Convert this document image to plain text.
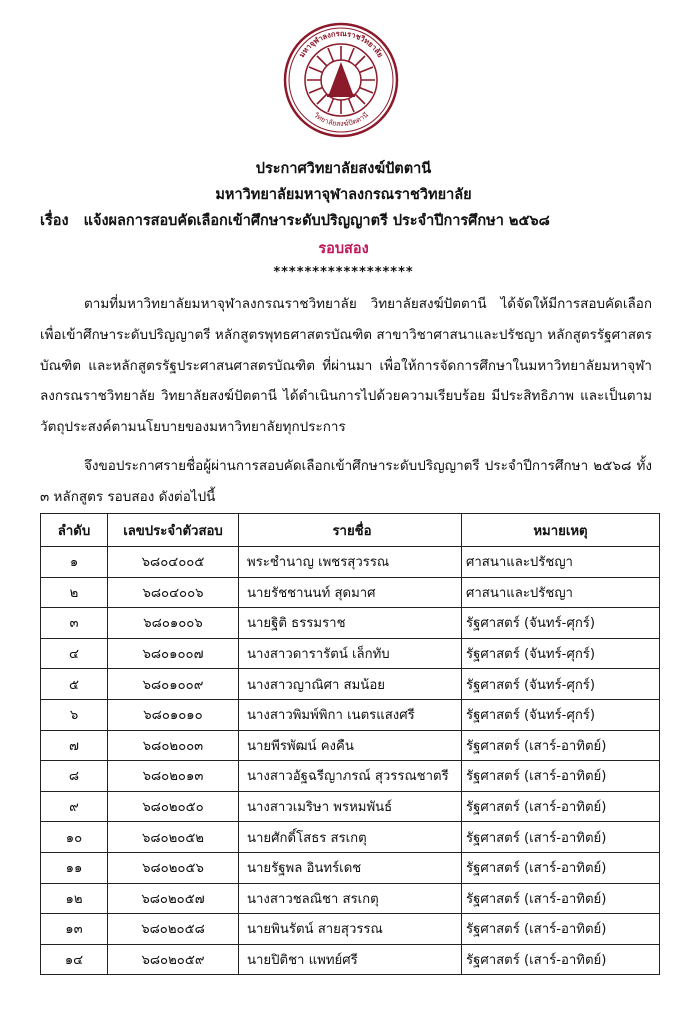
มหาจุฬาลงกรณราชวิทยาลัย
วิทยาลัยสงฆ์ปัตตานี
ประกาศวิทยาลัยสงฆ์ปัตตานี
มหาวิทยาลัยมหาจุฬาลงกรณราชวิทยาลัย
เรื่อง แจ้งผลการสอบคัดเลือกเข้าศึกษาระดับปริญญาตรี ประจำปีการศึกษา ๒๕๖๘
รอบสอง
******************
ตามที่มหาวิทยาลัยมหาจุฬาลงกรณราชวิทยาลัย วิทยาลัยสงฆ์ปัตตานี ได้จัดให้มีการสอบคัดเลือกเพื่อเข้าศึกษาระดับปริญญาตรี หลักสูตรพุทธศาสตรบัณฑิต สาขาวิชาศาสนาและปรัชญา หลักสูตรรัฐศาสตรบัณฑิต และหลักสูตรรัฐประศาสนศาสตรบัณฑิต ที่ผ่านมา เพื่อให้การจัดการศึกษาในมหาวิทยาลัยมหาจุฬาลงกรณราชวิทยาลัย วิทยาลัยสงฆ์ปัตตานี ได้ดำเนินการไปด้วยความเรียบร้อย มีประสิทธิภาพ และเป็นตามวัตถุประสงค์ตามนโยบายของมหาวิทยาลัยทุกประการ
จึงขอประกาศรายชื่อผู้ผ่านการสอบคัดเลือกเข้าศึกษาระดับปริญญาตรี ประจำปีการศึกษา ๒๕๖๘ ทั้ง ๓ หลักสูตร รอบสอง ดังต่อไปนี้
ลำดับ	เลขประจำตัวสอบ	รายชื่อ	หมายเหตุ
๑	๖๘๐๔๐๐๕	พระชำนาญ เพชรสุวรรณ	ศาสนาและปรัชญา
๒	๖๘๐๔๐๐๖	นายรัชชานนท์ สุดมาศ	ศาสนาและปรัชญา
๓	๖๘๐๑๐๐๖	นายฐิติ ธรรมราช	รัฐศาสตร์ (จันทร์-ศุกร์)
๔	๖๘๐๑๐๐๗	นางสาวดารารัตน์ เล็กทับ	รัฐศาสตร์ (จันทร์-ศุกร์)
๕	๖๘๐๑๐๐๙	นางสาวญาณิศา สมน้อย	รัฐศาสตร์ (จันทร์-ศุกร์)
๖	๖๘๐๑๐๑๐	นางสาวพิมพ์พิกา เนตรแสงศรี	รัฐศาสตร์ (จันทร์-ศุกร์)
๗	๖๘๐๒๐๐๓	นายพีรพัฒน์ คงคืน	รัฐศาสตร์ (เสาร์-อาทิตย์)
๘	๖๘๐๒๐๑๓	นางสาวอัฐฉรีญาภรณ์ สุวรรณชาตรี	รัฐศาสตร์ (เสาร์-อาทิตย์)
๙	๖๘๐๒๐๕๐	นางสาวเมริษา พรหมพันธ์	รัฐศาสตร์ (เสาร์-อาทิตย์)
๑๐	๖๘๐๒๐๕๒	นายศักดิ์โสธร สรเกตุ	รัฐศาสตร์ (เสาร์-อาทิตย์)
๑๑	๖๘๐๒๐๕๖	นายรัฐพล อินทร์เดช	รัฐศาสตร์ (เสาร์-อาทิตย์)
๑๒	๖๘๐๒๐๕๗	นางสาวชลณิชา สรเกตุ	รัฐศาสตร์ (เสาร์-อาทิตย์)
๑๓	๖๘๐๒๐๕๘	นายพินรัตน์ สายสุวรรณ	รัฐศาสตร์ (เสาร์-อาทิตย์)
๑๔	๖๘๐๒๐๕๙	นายปิติชา แพทย์ศรี	รัฐศาสตร์ (เสาร์-อาทิตย์)
